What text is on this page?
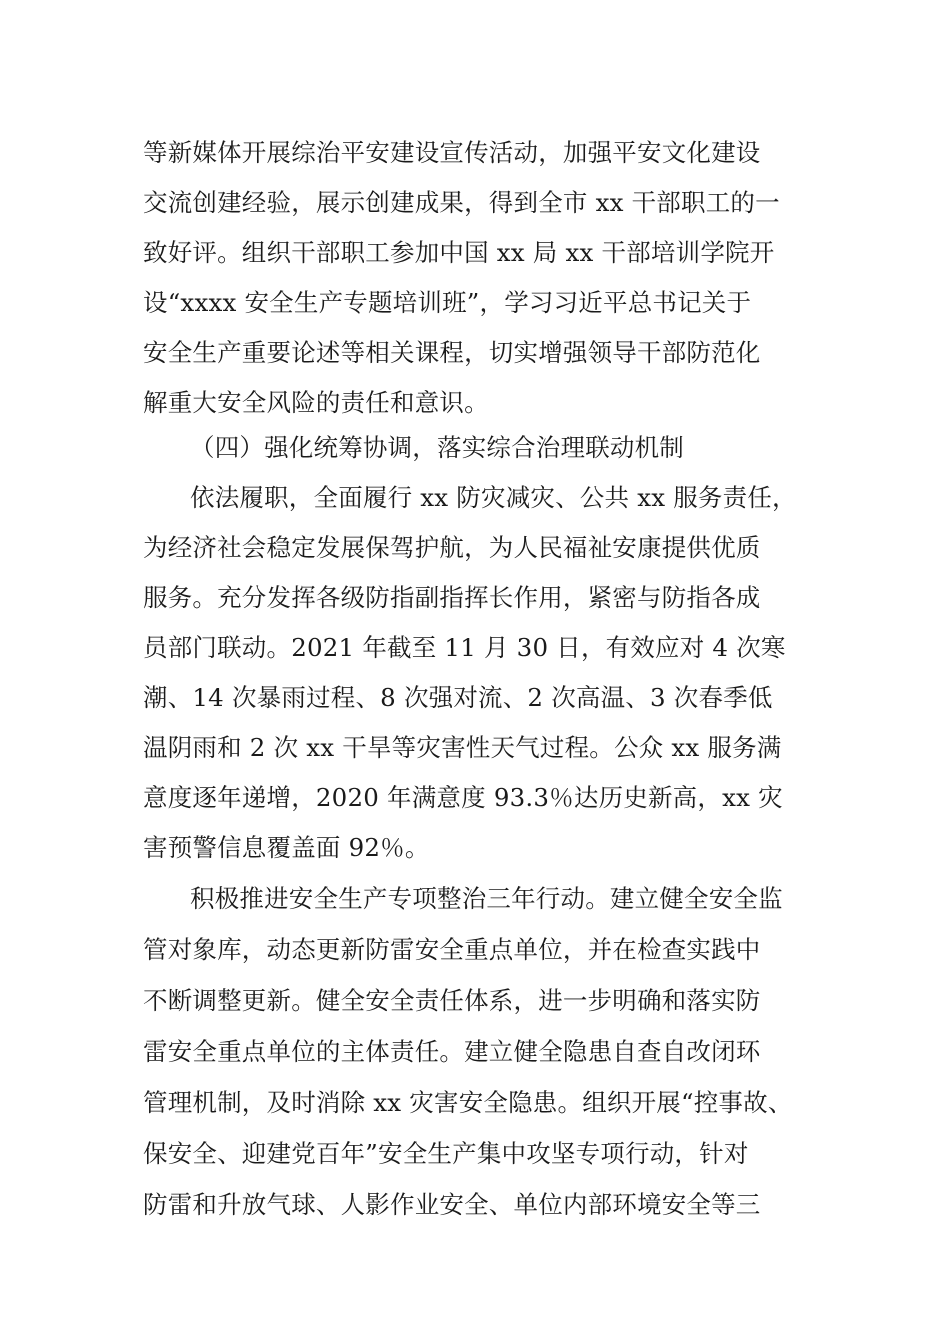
等新媒体开展综治平安建设宣传活动，加强平安文化建设
交流创建经验，展示创建成果，得到全市 xx 干部职工的一
致好评。组织干部职工参加中国 xx 局 xx 干部培训学院开
设“xxxx 安全生产专题培训班”，学习习近平总书记关于
安全生产重要论述等相关课程，切实增强领导干部防范化
解重大安全风险的责任和意识。
（四）强化统筹协调，落实综合治理联动机制
依法履职，全面履行 xx 防灾减灾、公共 xx 服务责任，
为经济社会稳定发展保驾护航，为人民福祉安康提供优质
服务。充分发挥各级防指副指挥长作用，紧密与防指各成
员部门联动。2021 年截至 11 月 30 日，有效应对 4 次寒
潮、14 次暴雨过程、8 次强对流、2 次高温、3 次春季低
温阴雨和 2 次 xx 干旱等灾害性天气过程。公众 xx 服务满
意度逐年递增，2020 年满意度 93.3％达历史新高，xx 灾
害预警信息覆盖面 92％。
积极推进安全生产专项整治三年行动。建立健全安全监
管对象库，动态更新防雷安全重点单位，并在检查实践中
不断调整更新。健全安全责任体系，进一步明确和落实防
雷安全重点单位的主体责任。建立健全隐患自查自改闭环
管理机制，及时消除 xx 灾害安全隐患。组织开展“控事故、
保安全、迎建党百年”安全生产集中攻坚专项行动，针对
防雷和升放气球、人影作业安全、单位内部环境安全等三
